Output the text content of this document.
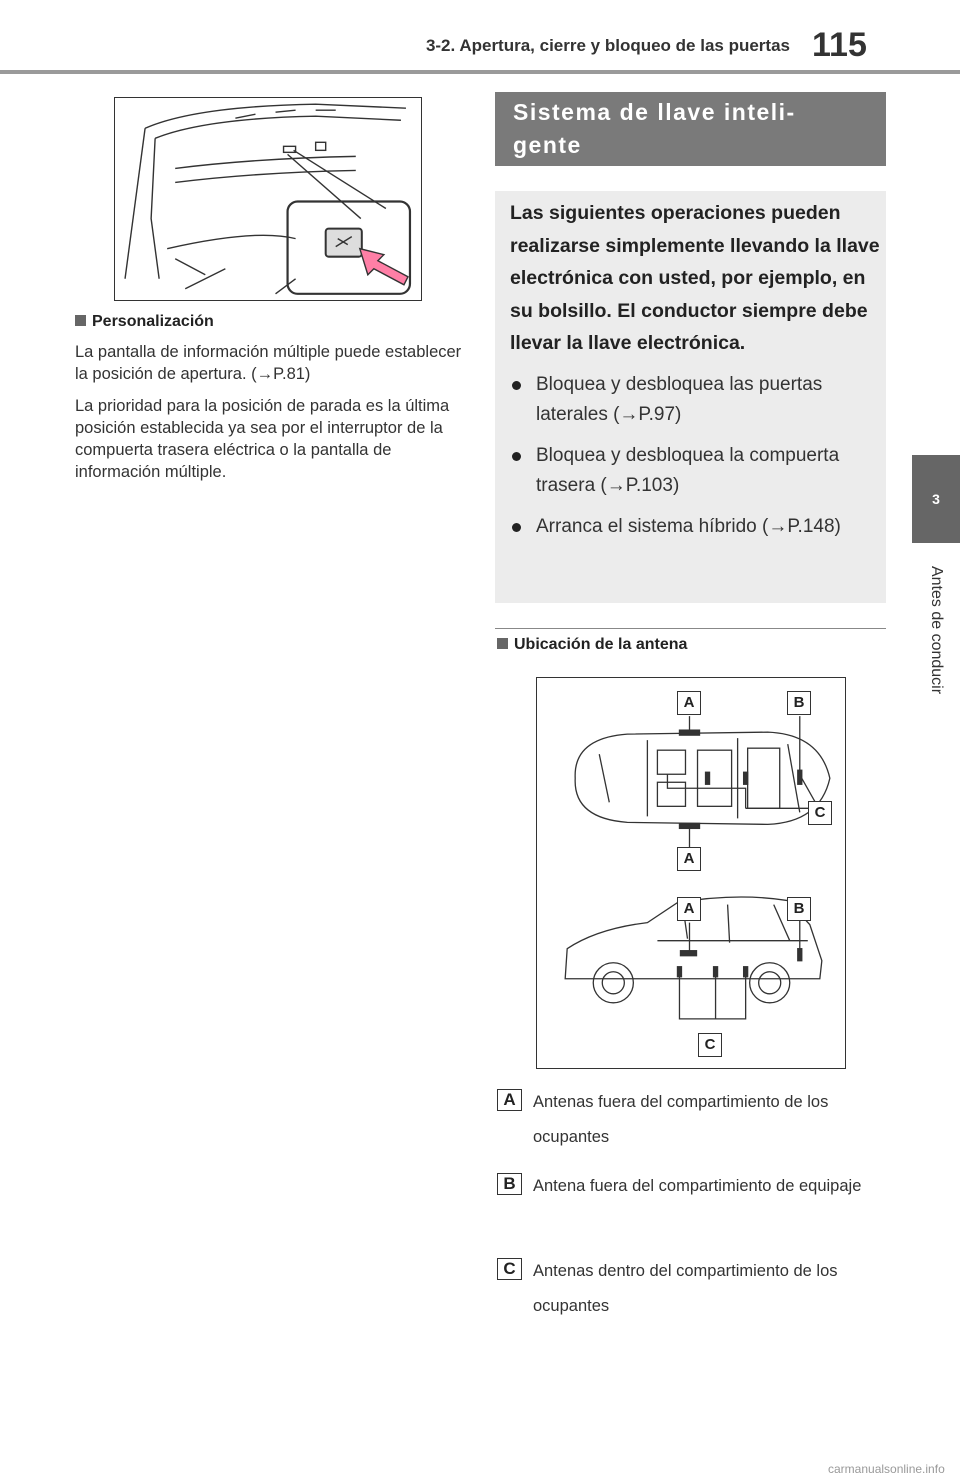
3-2. Apertura, cierre y bloqueo de las puertas 115
3
Antes de conducir
Personalización

La pantalla de información múltiple puede establecer la posición de apertura. (→P.81)

La prioridad para la posición de parada es la última posición establecida ya sea por el interruptor de la compuerta trasera eléctrica o la pantalla de información múltiple.

Sistema de llave inteli- gente

Las siguientes operaciones pueden realizarse simplemente llevando la llave electrónica con usted, por ejemplo, en su bolsillo. El conductor siempre debe llevar la llave electrónica.

Bloquea y desbloquea las puertas laterales (→P.97)
Bloquea y desbloquea la compuerta trasera (→P.103)
Arranca el sistema híbrido (→P.148)
Ubicación de la antena
A	B
C
A
A	B
C
A	Antenas fuera del compartimiento de los ocupantes

B	Antena fuera del compartimiento de equipaje

C	Antenas dentro del compartimiento de los ocupantes

carmanualsonline.info
